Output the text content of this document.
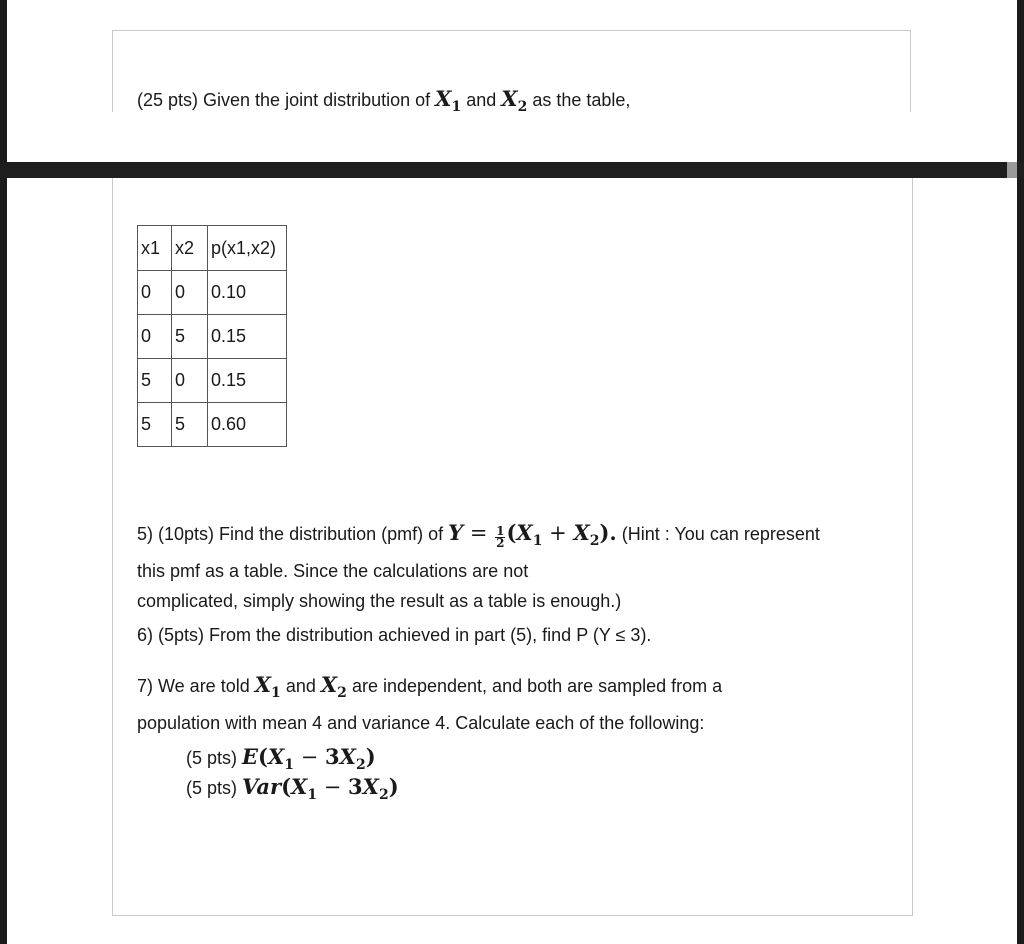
(25 pts) Given the joint distribution of $X_1$ and $X_2$ as the table,
x1	x2	p(x1,x2)
0	0	0.10
0	5	0.15
5	0	0.15
5	5	0.60
5) (10pts) Find the distribution (pmf) of $Y = \frac{1}{2} (X_1 + X_2)$. (Hint : You can represent
this pmf as a table. Since the calculations are not
complicated, simply showing the result as a table is enough.)
6) (5pts) From the distribution achieved in part (5), find P (Y ≤ 3).
7) We are told $X_1$ and $X_2$ are independent, and both are sampled from a
population with mean 4 and variance 4. Calculate each of the following:
(5 pts) $E(X_1 - 3X_2)$
(5 pts) $Var(X_1 - 3X_2)$
